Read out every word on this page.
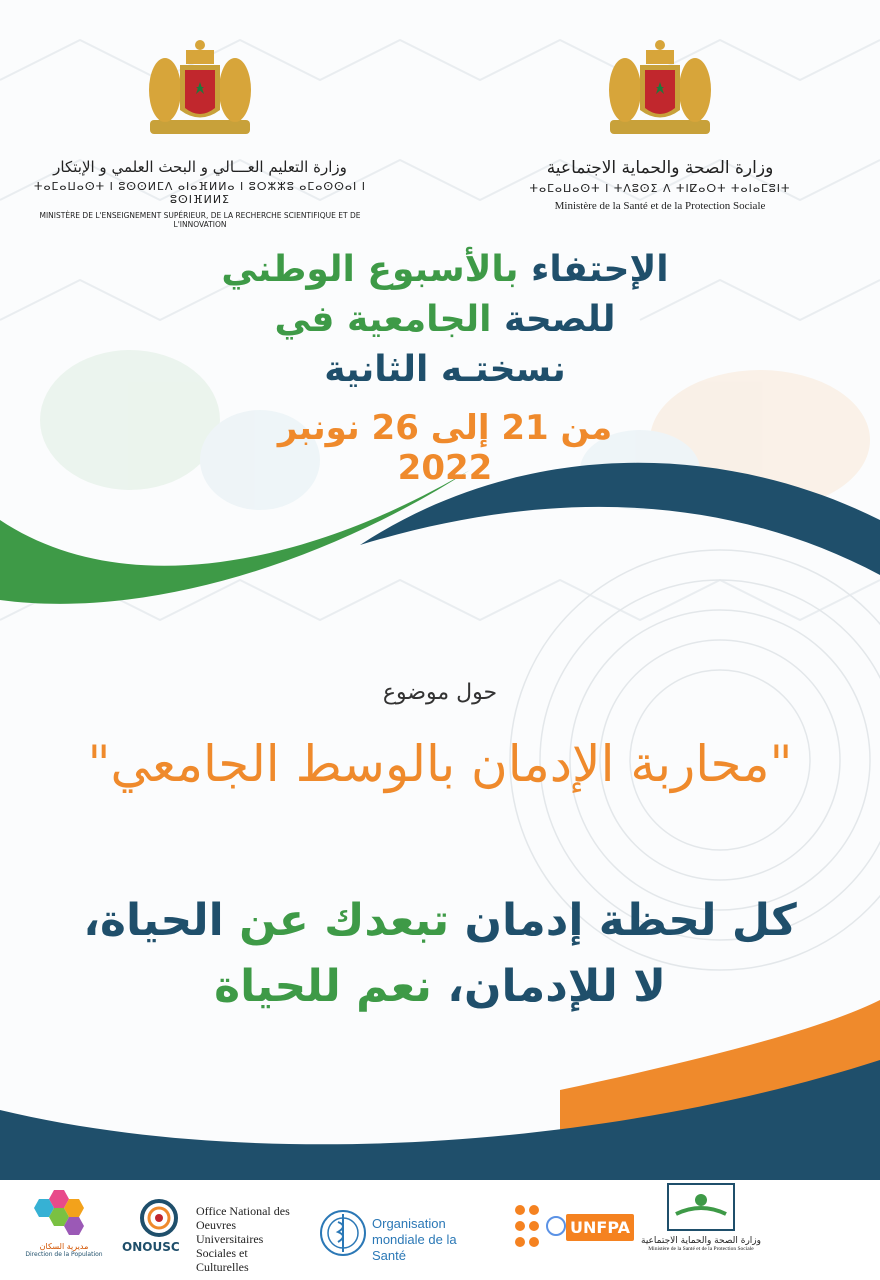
وزارة التعليم العـــالي و البحث العلمي و الإبتكار
ⵜⴰⵎⴰⵡⴰⵙⵜ ⵏ ⵓⵙⵙⵍⵎⴷ ⴰⵏⴰⴼⵍⵍⴰ ⵏ ⵓⵔⵣⵣⵓ ⴰⵎⴰⵙⵙⴰⵏ ⵏ ⵓⵙⵏⴼⵍⵍⵉ
MINISTÈRE DE L'ENSEIGNEMENT SUPÉRIEUR, DE LA RECHERCHE SCIENTIFIQUE ET DE L'INNOVATION
وزارة الصحة والحماية الاجتماعية
ⵜⴰⵎⴰⵡⴰⵙⵜ ⵏ ⵜⴷⵓⵙⵉ ⴷ ⵜⵏⵇⴰⵔⵜ ⵜⴰⵏⴰⵎⵓⵏⵜ
Ministère de la Santé et de la Protection Sociale
الإحتفاء بالأسبوع الوطني
للصحة الجامعية في
نسختـه الثانية
من 21 إلى 26 نونبر 2022
حول موضوع
"محاربة الإدمان بالوسط الجامعي"
كل لحظة إدمان تبعدك عن الحياة،
لا للإدمان، نعم للحياة
مديرية السكان
Direction de la Population
ONOUSC
Office National des
Oeuvres Universitaires
Sociales et Culturelles
Organisation
mondiale de la Santé
UNFPA
وزارة الصحة والحماية الاجتماعية
Ministère de la Santé et de la Protection Sociale
